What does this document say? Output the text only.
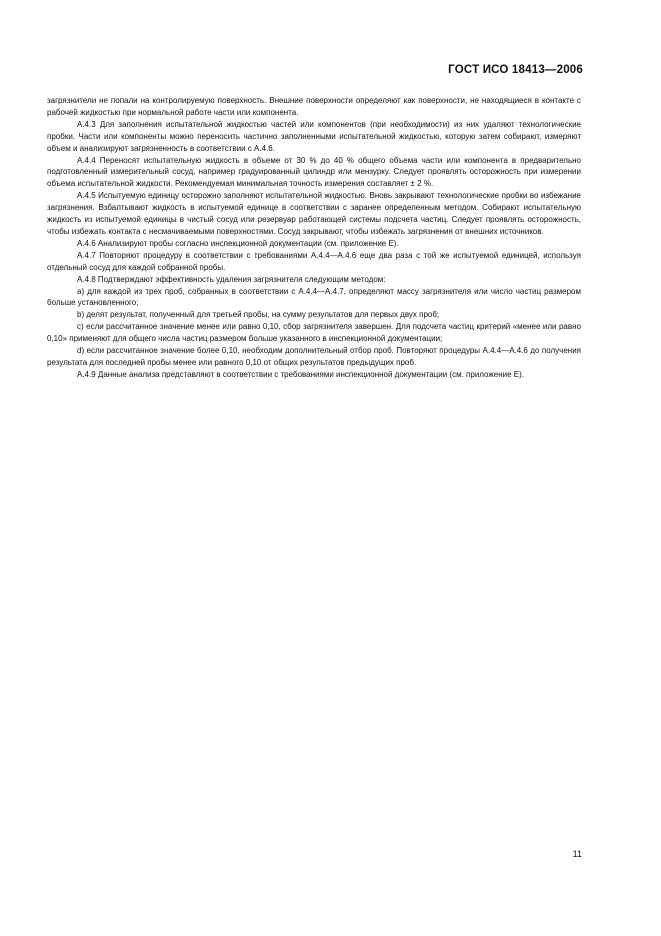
ГОСТ ИСО 18413—2006

загрязнители не попали на контролируемую поверхность. Внешние поверхности определяют как поверхности, не находящиеся в контакте с рабочей жидкостью при нормальной работе части или компонента.

А.4.3 Для заполнения испытательной жидкостью частей или компонентов (при необходимости) из них удаляют технологические пробки. Части или компоненты можно переносить частично заполненными испытательной жидкостью, которую затем собирают, измеряют объем и анализируют загрязненность в соответствии с А.4.6.

А.4.4 Переносят испытательную жидкость в объеме от 30 % до 40 % общего объема части или компонента в предварительно подготовленный измерительный сосуд, например градуированный цилиндр или мензурку. Следует проявлять осторожность при измерении объема испытательной жидкости. Рекомендуемая минимальная точность измерения составляет ± 2 %.

А.4.5 Испытуемую единицу осторожно заполняют испытательной жидкостью. Вновь закрывают технологические пробки во избежание загрязнения. Взбалтывают жидкость в испытуемой единице в соответствии с заранее определенным методом. Собирают испытательную жидкость из испытуемой единицы в чистый сосуд или резервуар работающей системы подсчета частиц. Следует проявлять осторожность, чтобы избежать контакта с несмачиваемыми поверхностями. Сосуд закрывают, чтобы избежать загрязнения от внешних источников.

А.4.6 Анализируют пробы согласно инспекционной документации (см. приложение Е).

А.4.7 Повторяют процедуру в соответствии с требованиями А.4.4—А.4.6 еще два раза с той же испытуемой единицей, используя отдельный сосуд для каждой собранной пробы.

А.4.8 Подтверждают эффективность удаления загрязнителя следующим методом:

a) для каждой из трех проб, собранных в соответствии с А.4.4—А.4.7, определяют массу загрязнителя или число частиц размером больше установленного;

b) делят результат, полученный для третьей пробы, на сумму результатов для первых двух проб;

c) если рассчитанное значение менее или равно 0,10, сбор загрязнителя завершен. Для подсчета частиц критерий «менее или равно 0,10» применяют для общего числа частиц размером больше указанного в инспекционной документации;

d) если рассчитанное значение более 0,10, необходим дополнительный отбор проб. Повторяют процедуры А.4.4—А.4.6 до получения результата для последней пробы менее или равного 0,10 от общих результатов предыдущих проб.

А.4.9 Данные анализа представляют в соответствии с требованиями инспекционной документации (см. приложение Е).

11
